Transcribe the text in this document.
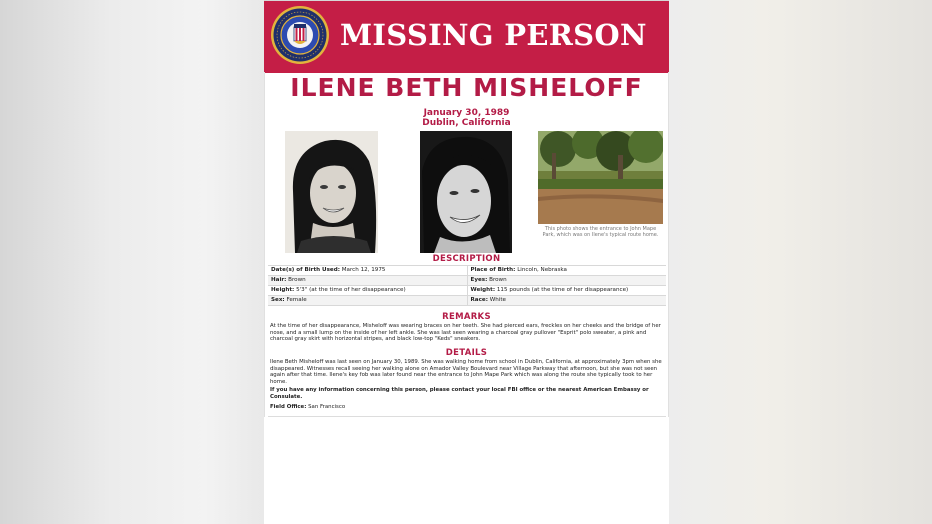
MISSING PERSON
ILENE BETH MISHELOFF
January 30, 1989
Dublin, California
This photo shows the entrance to John Mape Park, which was on Ilene's typical route home.
DESCRIPTION
Date(s) of Birth Used: March 12, 1975	Place of Birth: Lincoln, Nebraska
Hair: Brown	Eyes: Brown
Height: 5'3" (at the time of her disappearance)	Weight: 115 pounds (at the time of her disappearance)
Sex: Female	Race: White
REMARKS

At the time of her disappearance, Misheloff was wearing braces on her teeth. She had pierced ears, freckles on her cheeks and the bridge of her nose, and a small lump on the inside of her left ankle. She was last seen wearing a charcoal gray pullover "Esprit" polo sweater, a pink and charcoal gray skirt with horizontal stripes, and black low-top "Keds" sneakers.

DETAILS

Ilene Beth Misheloff was last seen on January 30, 1989. She was walking home from school in Dublin, California, at approximately 3pm when she disappeared. Witnesses recall seeing her walking alone on Amador Valley Boulevard near Village Parkway that afternoon, but she was not seen again after that time. Ilene's key fob was later found near the entrance to John Mape Park which was along the route she typically took to her home.

If you have any information concerning this person, please contact your local FBI office or the nearest American Embassy or Consulate.

Field Office: San Francisco
